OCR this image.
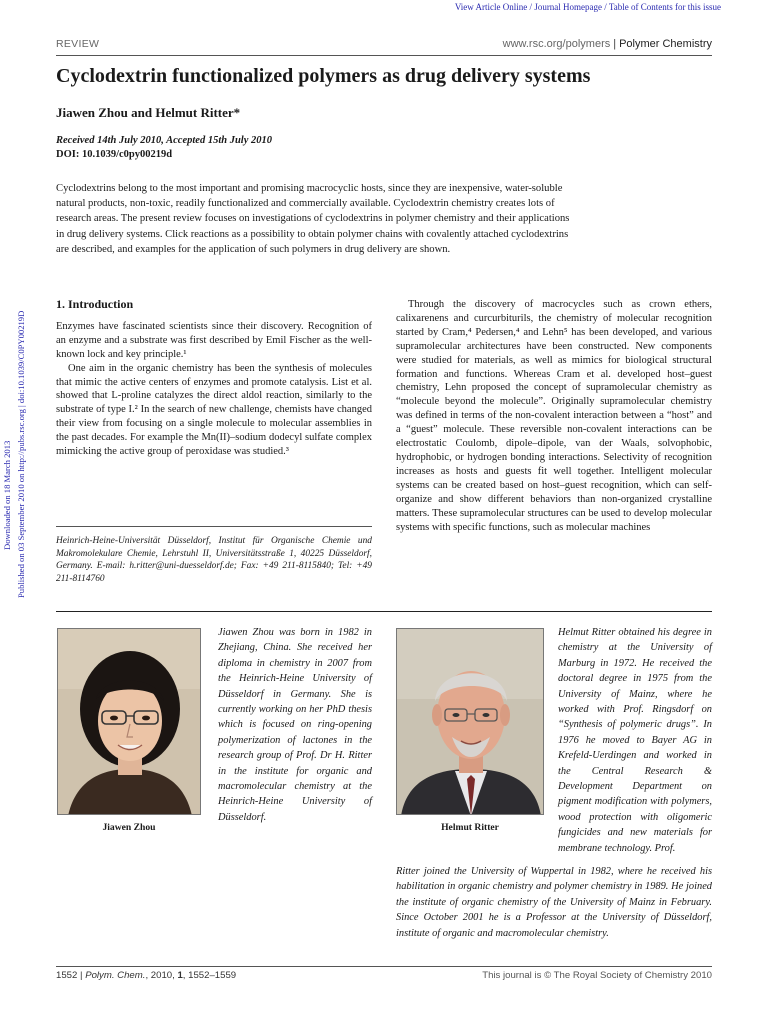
View Article Online / Journal Homepage / Table of Contents for this issue
Downloaded on 18 March 2013 Published on 03 September 2010 on http://pubs.rsc.org | doi:10.1039/C0PY00219D
REVIEW	www.rsc.org/polymers | Polymer Chemistry
Cyclodextrin functionalized polymers as drug delivery systems
Jiawen Zhou and Helmut Ritter*
Received 14th July 2010, Accepted 15th July 2010
DOI: 10.1039/c0py00219d
Cyclodextrins belong to the most important and promising macrocyclic hosts, since they are inexpensive, water-soluble natural products, non-toxic, readily functionalized and commercially available. Cyclodextrin chemistry creates lots of research areas. The present review focuses on investigations of cyclodextrins in polymer chemistry and their applications in drug delivery systems. Click reactions as a possibility to obtain polymer chains with covalently attached cyclodextrins are described, and examples for the application of such polymers in drug delivery are shown.
1. Introduction

Enzymes have fascinated scientists since their discovery. Recognition of an enzyme and a substrate was first described by Emil Fischer as the well-known lock and key principle.¹

One aim in the organic chemistry has been the synthesis of molecules that mimic the active centers of enzymes and promote catalysis. List et al. showed that L-proline catalyzes the direct aldol reaction, similarly to the substrate of type I.² In the search of new challenge, chemists have changed their view from focusing on a single molecule to molecular assemblies in the past decades. For example the Mn(II)–sodium dodecyl sulfate complex mimicking the active group of peroxidase was studied.³

Heinrich-Heine-Universität Düsseldorf, Institut für Organische Chemie und Makromolekulare Chemie, Lehrstuhl II, Universitätsstraße 1, 40225 Düsseldorf, Germany. E-mail: h.ritter@uni-duesseldorf.de; Fax: +49 211-8115840; Tel: +49 211-8114760

Through the discovery of macrocycles such as crown ethers, calixarenens and curcurbiturils, the chemistry of molecular recognition started by Cram,⁴ Pedersen,⁴ and Lehn⁵ has been developed, and various supramolecular architectures have been constructed. New components were studied for materials, as well as mimics for biological structural formation and functions. Whereas Cram et al. developed host–guest chemistry, Lehn proposed the concept of supramolecular chemistry as “molecule beyond the molecule”. Originally supramolecular chemistry was defined in terms of the non-covalent interaction between a “host” and a “guest” molecule. These reversible non-covalent interactions can be electrostatic Coulomb, dipole–dipole, van der Waals, solvophobic, hydrophobic, or hydrogen bonding interactions. Selectivity of recognition increases as hosts and guests fit well together. Intelligent molecular systems can be created based on host–guest recognition, which can self-organize and show different behaviors than non-organized crystalline matters. These supramolecular structures can be used to develop molecular systems with specific functions, such as molecular machines

Jiawen Zhou
Jiawen Zhou was born in 1982 in Zhejiang, China. She received her diploma in chemistry in 2007 from the Heinrich-Heine University of Düsseldorf in Germany. She is currently working on her PhD thesis which is focused on ring-opening polymerization of lactones in the research group of Prof. Dr H. Ritter in the institute for organic and macromolecular chemistry at the Heinrich-Heine University of Düsseldorf.
Helmut Ritter
Helmut Ritter obtained his degree in chemistry at the University of Marburg in 1972. He received the doctoral degree in 1975 from the University of Mainz, where he worked with Prof. Ringsdorf on “Synthesis of polymeric drugs”. In 1976 he moved to Bayer AG in Krefeld-Uerdingen and worked in the Central Research & Development Department on pigment modification with polymers, wood protection with oligomeric fungicides and new materials for membrane technology. Prof.
Ritter joined the University of Wuppertal in 1982, where he received his habilitation in organic chemistry and polymer chemistry in 1989. He joined the institute of organic chemistry of the University of Mainz in February. Since October 2001 he is a Professor at the University of Düsseldorf, institute of organic and macromolecular chemistry.
1552 | Polym. Chem., 2010, 1, 1552–1559	This journal is © The Royal Society of Chemistry 2010
